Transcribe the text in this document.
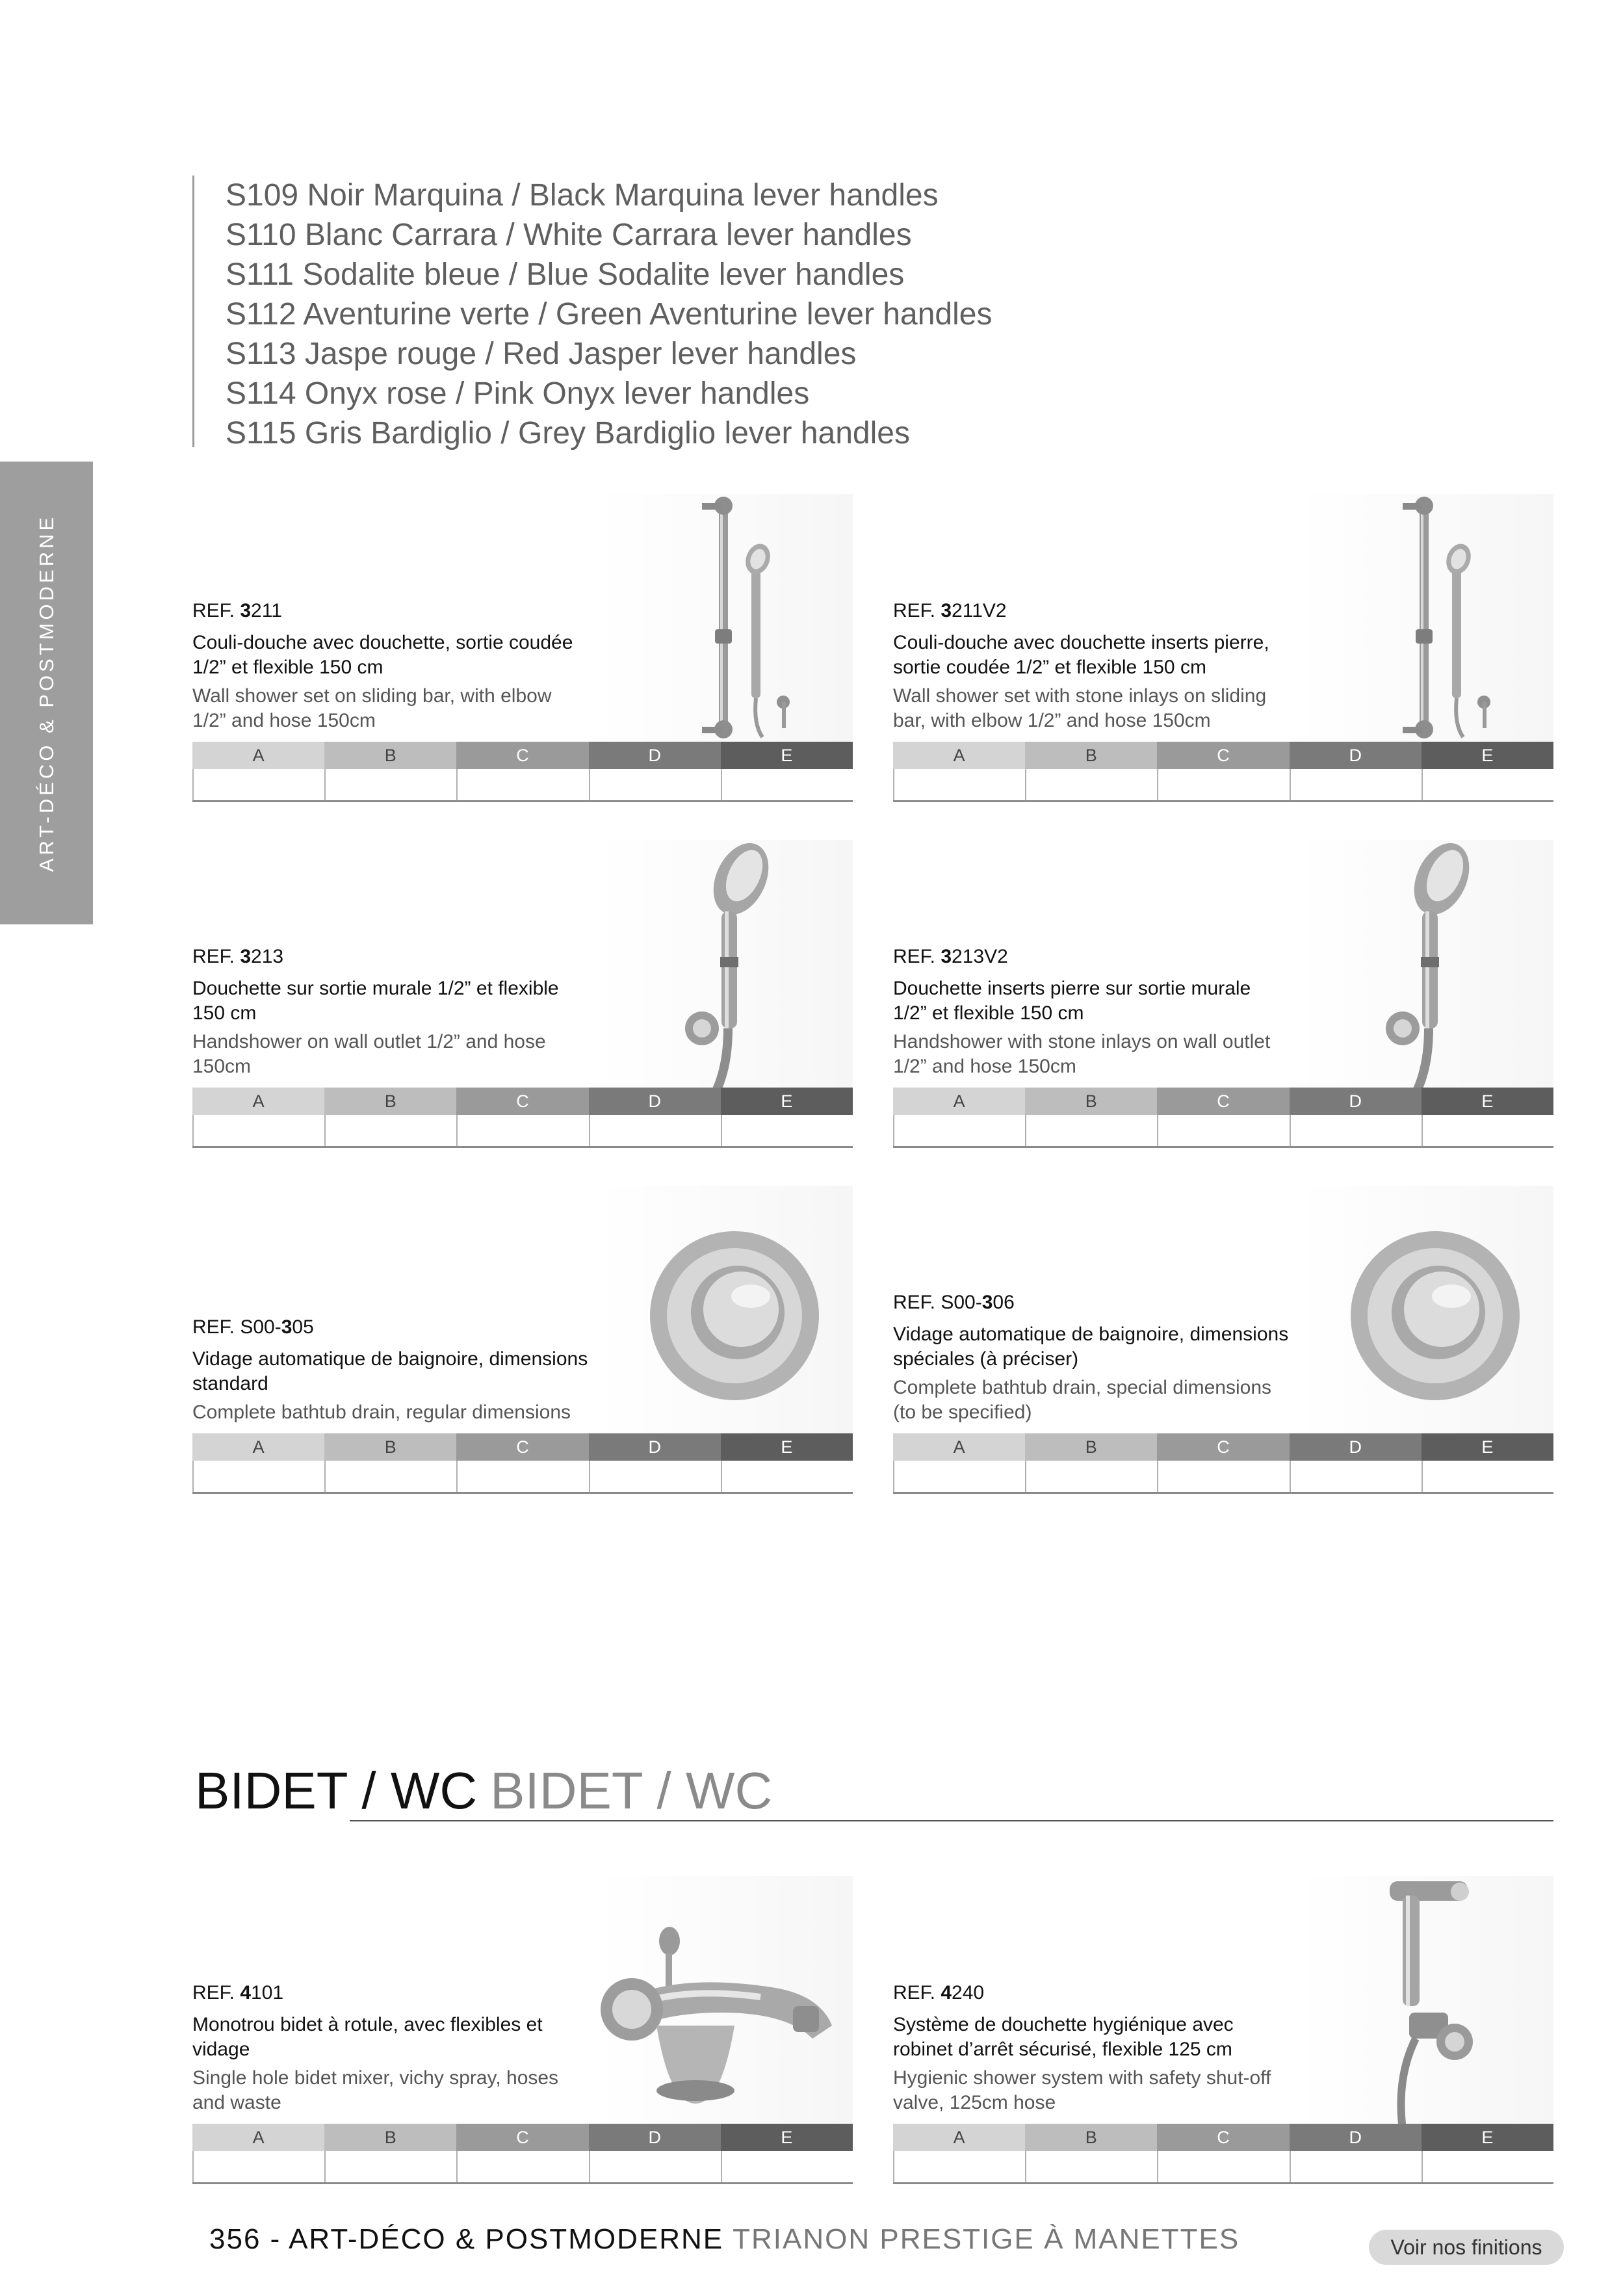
S109 Noir Marquina / Black Marquina lever handles
S110 Blanc Carrara / White Carrara lever handles
S111 Sodalite bleue / Blue Sodalite lever handles
S112 Aventurine verte / Green Aventurine lever handles
S113 Jaspe rouge / Red Jasper lever handles
S114 Onyx rose / Pink Onyx lever handles
S115 Gris Bardiglio / Grey Bardiglio lever handles
ART-DÉCO & POSTMODERNE	REF. 3211
Couli-douche avec douchette, sortie coudée 1/2” et flexible 150 cm
Wall shower set on sliding bar, with elbow 1/2” and hose 150cm
A	B	C	D	E
REF. 3211V2
Couli-douche avec douchette inserts pierre, sortie coudée 1/2” et flexible 150 cm
Wall shower set with stone inlays on sliding bar, with elbow 1/2” and hose 150cm
A	B	C	D	E
REF. 3213
Douchette sur sortie murale 1/2” et flexible 150 cm
Handshower on wall outlet 1/2” and hose 150cm
A	B	C	D	E
REF. 3213V2
Douchette inserts pierre sur sortie murale 1/2” et flexible 150 cm
Handshower with stone inlays on wall outlet 1/2” and hose 150cm
A	B	C	D	E
REF. S00-305
Vidage automatique de baignoire, dimensions standard
Complete bathtub drain, regular dimensions
A	B	C	D	E
REF. S00-306
Vidage automatique de baignoire, dimensions spéciales (à préciser)
Complete bathtub drain, special dimensions (to be specified)
A	B	C	D	E
REF. 4101
Monotrou bidet à rotule, avec flexibles et vidage
Single hole bidet mixer, vichy spray, hoses and waste
A	B	C	D	E
REF. 4240
Système de douchette hygiénique avec robinet d’arrêt sécurisé, flexible 125 cm
Hygienic shower system with safety shut-off valve, 125cm hose
A	B	C	D	E
BIDET / WC BIDET / WC
356 - ART-DÉCO & POSTMODERNE TRIANON PRESTIGE À MANETTES	Voir nos finitions
